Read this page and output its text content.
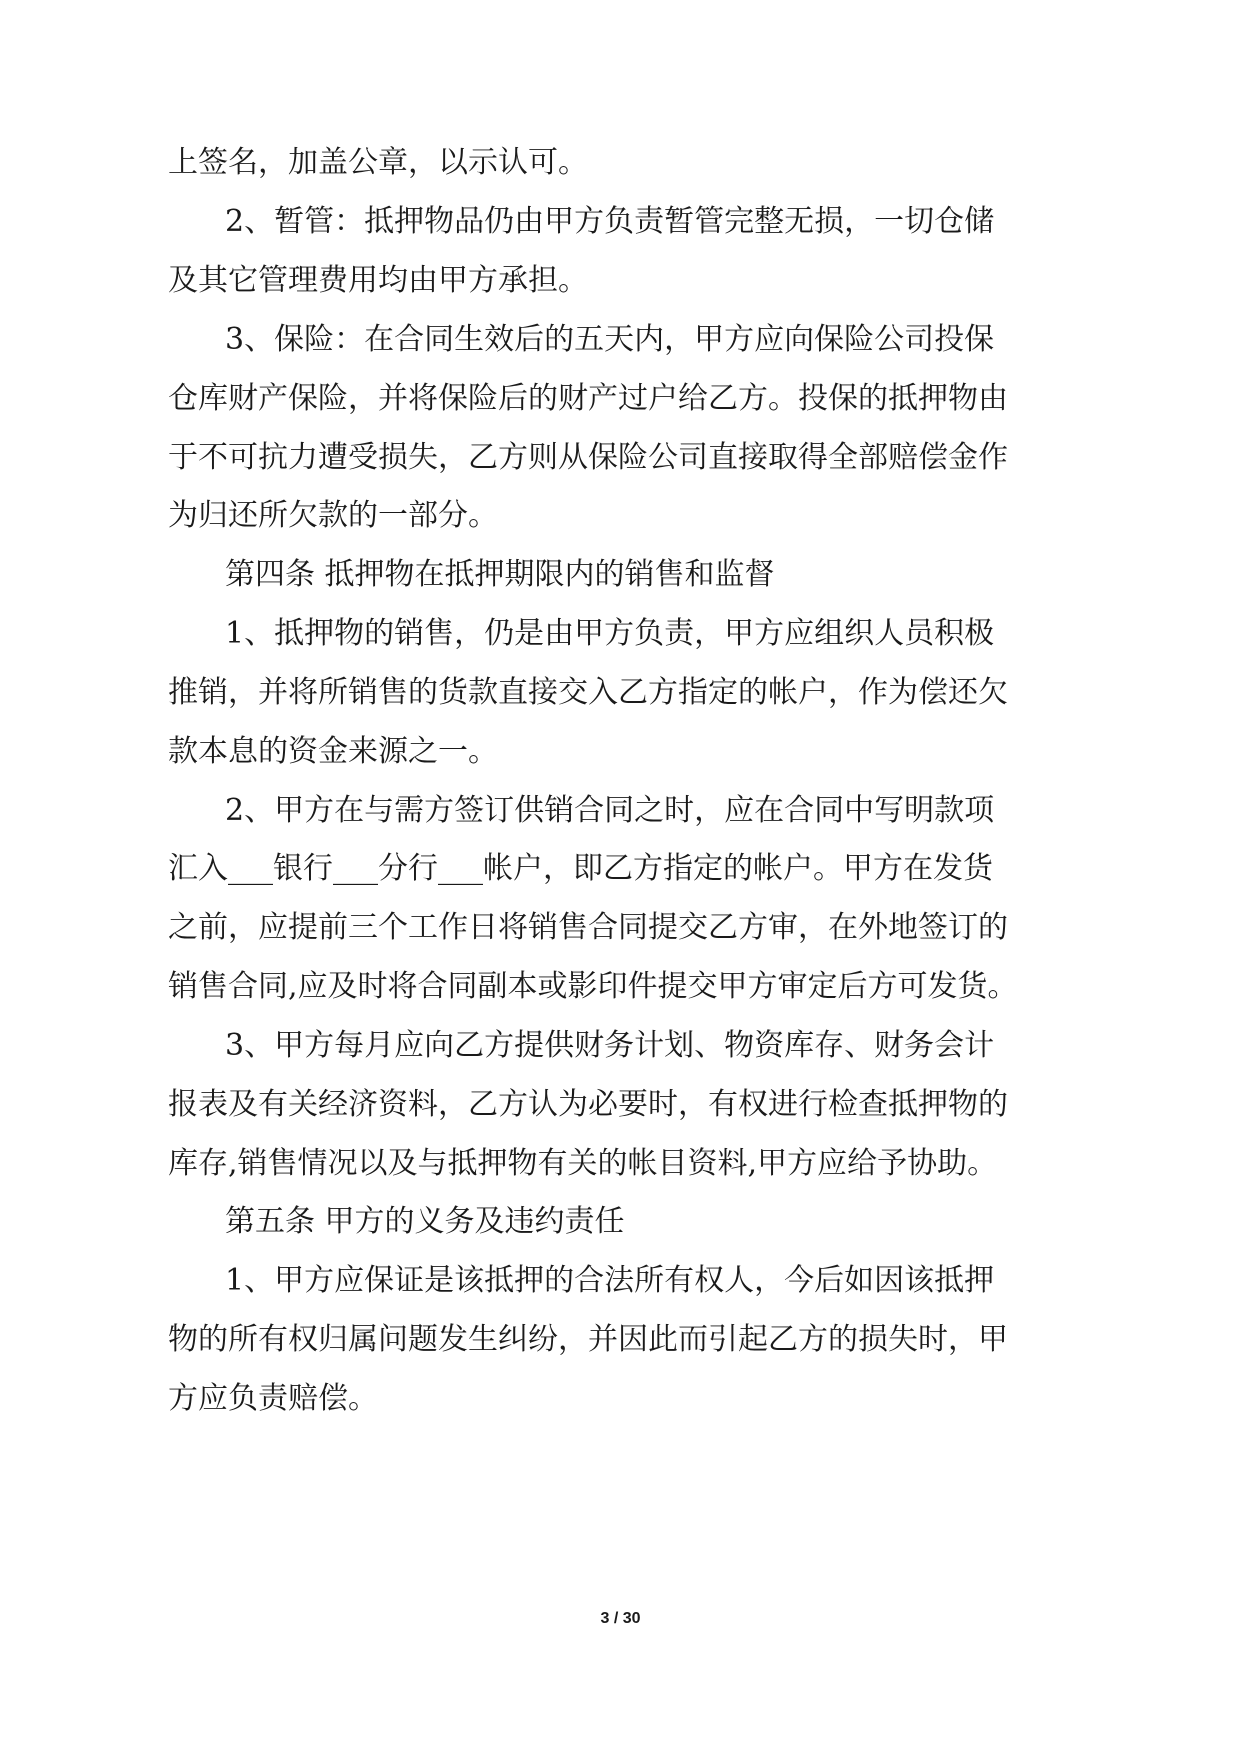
上签名，加盖公章，以示认可。
2、暂管：抵押物品仍由甲方负责暂管完整无损，一切仓储
及其它管理费用均由甲方承担。
3、保险：在合同生效后的五天内，甲方应向保险公司投保
仓库财产保险，并将保险后的财产过户给乙方。投保的抵押物由
于不可抗力遭受损失，乙方则从保险公司直接取得全部赔偿金作
为归还所欠款的一部分。
第四条 抵押物在抵押期限内的销售和监督
1、抵押物的销售，仍是由甲方负责，甲方应组织人员积极
推销，并将所销售的货款直接交入乙方指定的帐户，作为偿还欠
款本息的资金来源之一。
2、甲方在与需方签订供销合同之时，应在合同中写明款项
汇入___银行___分行___帐户，即乙方指定的帐户。甲方在发货
之前，应提前三个工作日将销售合同提交乙方审，在外地签订的
销售合同,应及时将合同副本或影印件提交甲方审定后方可发货。
3、甲方每月应向乙方提供财务计划、物资库存、财务会计
报表及有关经济资料，乙方认为必要时，有权进行检查抵押物的
库存,销售情况以及与抵押物有关的帐目资料,甲方应给予协助。
第五条 甲方的义务及违约责任
1、甲方应保证是该抵押的合法所有权人，今后如因该抵押
物的所有权归属问题发生纠纷，并因此而引起乙方的损失时，甲
方应负责赔偿。
3 / 30
